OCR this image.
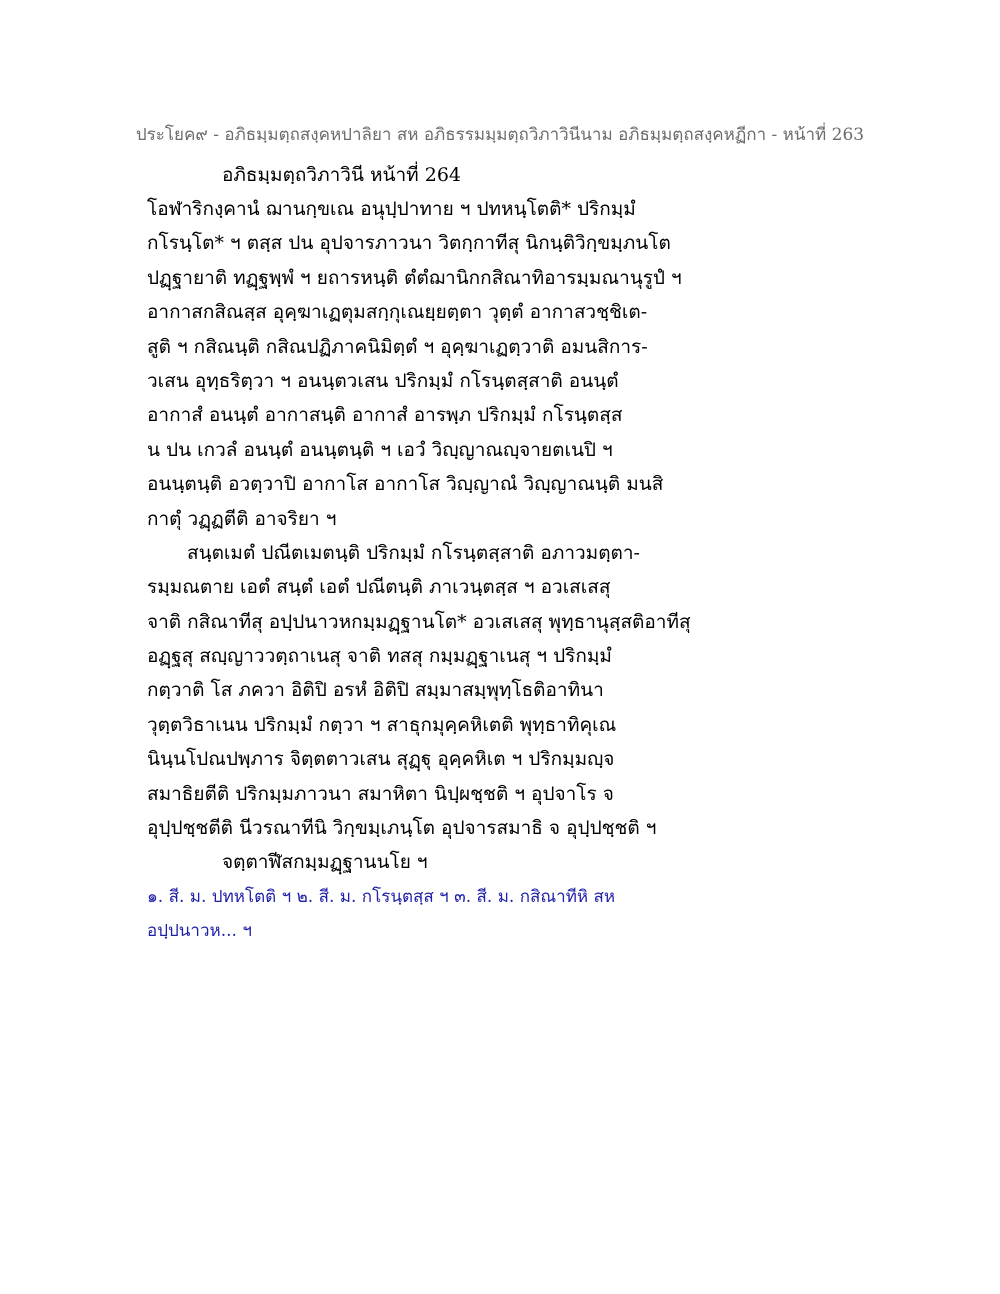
ประโยค๙ - อภิธมฺมตฺถสงฺคหปาลิยา สห อภิธรรมมฺมตฺถวิภาวินีนาม อภิธมฺมตฺถสงฺคหฏีกา - หน้าที่ 263
อภิธมฺมตฺถวิภาวินี หน้าที่ 264
โอฬาริกงฺคานํ ฌานกฺขเณ อนุปฺปาทาย ฯ ปทหนฺโตติ* ปริกมฺมํ
กโรนฺโต* ฯ ตสฺส ปน อุปจารภาวนา วิตกฺกาทีสุ นิกนฺติวิกฺขมฺภนโต
ปฏฺฐายาติ ทฏฺฐพฺพํ ฯ ยถารหนฺติ ตํตํฌานิกกสิณาทิอารมฺมณานุรูปํ ฯ
อากาสกสิณสฺส อุคฺฆาเฏตุมสกฺกุเณยฺยตฺตา วุตฺตํ อากาสวชฺชิเต-
สูติ ฯ กสิณนฺติ กสิณปฏิภาคนิมิตฺตํ ฯ อุคฺฆาเฏตฺวาติ อมนสิการ-
วเสน อุทฺธริตฺวา ฯ อนนฺตวเสน ปริกมฺมํ กโรนฺตสฺสาติ อนนฺตํ
อากาสํ อนนฺตํ อากาสนฺติ อากาสํ อารพฺภ ปริกมฺมํ กโรนฺตสฺส
น ปน เกวลํ อนนฺตํ อนนฺตนฺติ ฯ เอวํ วิญฺญาณญฺจายตเนปิ ฯ
อนนฺตนฺติ อวตฺวาปิ อากาโส อากาโส วิญฺญาณํ วิญฺญาณนฺติ มนสิ
กาตุํ วฏฺฏตีติ อาจริยา ฯ
สนฺตเมตํ ปณีตเมตนฺติ ปริกมฺมํ กโรนฺตสฺสาติ อภาวมตฺตา-
รมฺมณตาย เอตํ สนฺตํ เอตํ ปณีตนฺติ ภาเวนฺตสฺส ฯ อวเสเสสุ
จาติ กสิณาทีสุ อปฺปนาวหกมฺมฏฺฐานโต* อวเสเสสุ พุทฺธานุสฺสติอาทีสุ
อฏฺฐสุ สญฺญาววตฺถาเนสุ จาติ ทสสุ กมฺมฏฺฐาเนสุ ฯ ปริกมฺมํ
กตฺวาติ โส ภควา อิติปิ อรหํ อิติปิ สมฺมาสมฺพุทฺโธติอาทินา
วุตฺตวิธาเนน ปริกมฺมํ กตฺวา ฯ สาธุกมุคฺคหิเตติ พุทฺธาทิคุเณ
นินฺนโปณปพฺภาร จิตฺตตาวเสน สุฏฺฐุ อุคฺคหิเต ฯ ปริกมฺมญฺจ
สมาธิยตีติ ปริกมฺมภาวนา สมาหิตา นิปฺผชฺชติ ฯ อุปจาโร จ
อุปฺปชฺชตีติ นีวรณาทีนิ วิกฺขมฺเภนฺโต อุปจารสมาธิ จ อุปฺปชฺชติ ฯ
จตฺตาฬีสกมฺมฏฺฐานนโย ฯ
๑. สี. ม. ปทหโตติ ฯ ๒. สี. ม. กโรนฺตสฺส ฯ ๓. สี. ม. กสิณาทีหิ สห
อปฺปนาวห... ฯ
